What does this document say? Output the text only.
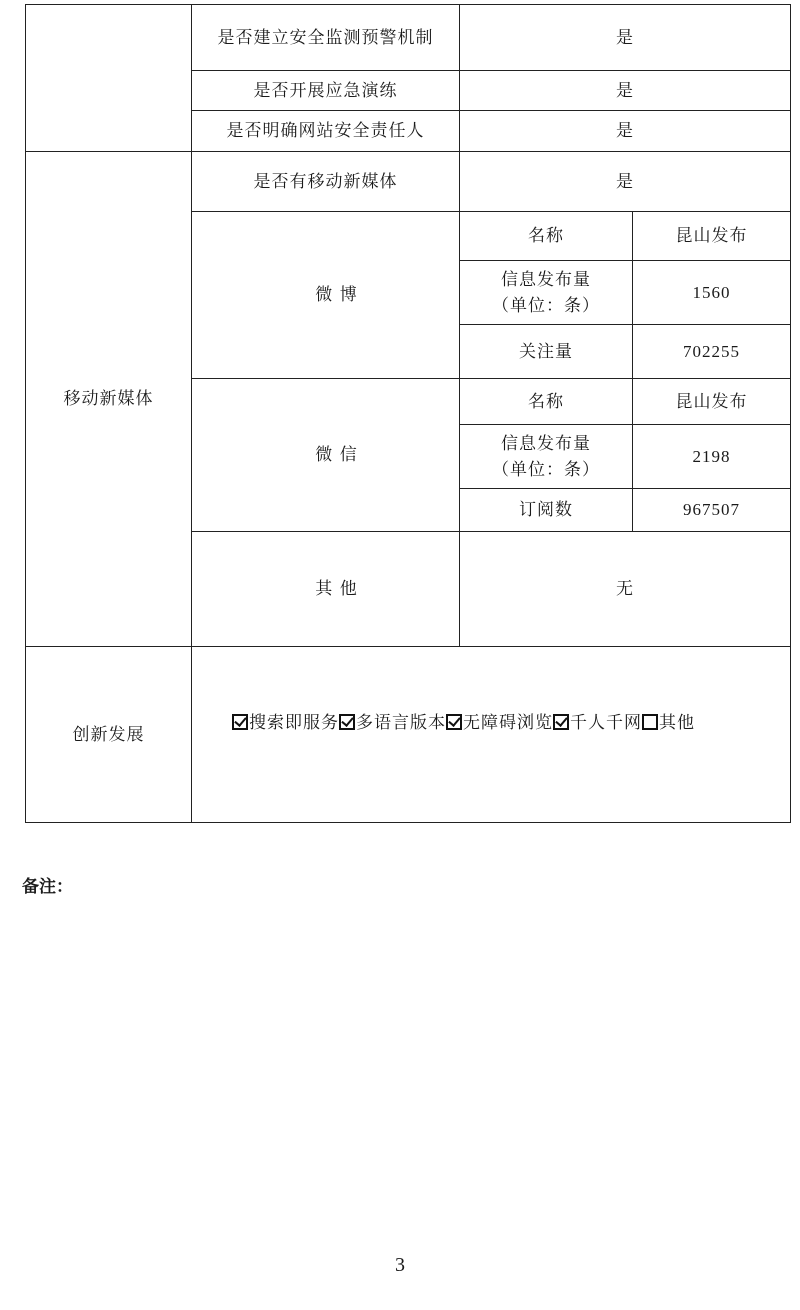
	是否建立安全监测预警机制	是	
	是否开展应急演练	是	
	是否明确网站安全责任人	是	
移动新媒体	是否有移动新媒体	是	
	微 博	名称	昆山发布
		信息发布量（单位：条）	1560
		关注量	702255
	微 信	名称	昆山发布
		信息发布量（单位：条）	2198
		订阅数	967507
	其 他	无	
创新发展	搜索即服务 多语言版本 无障碍浏览 千人千网 其他		
备注：
3
